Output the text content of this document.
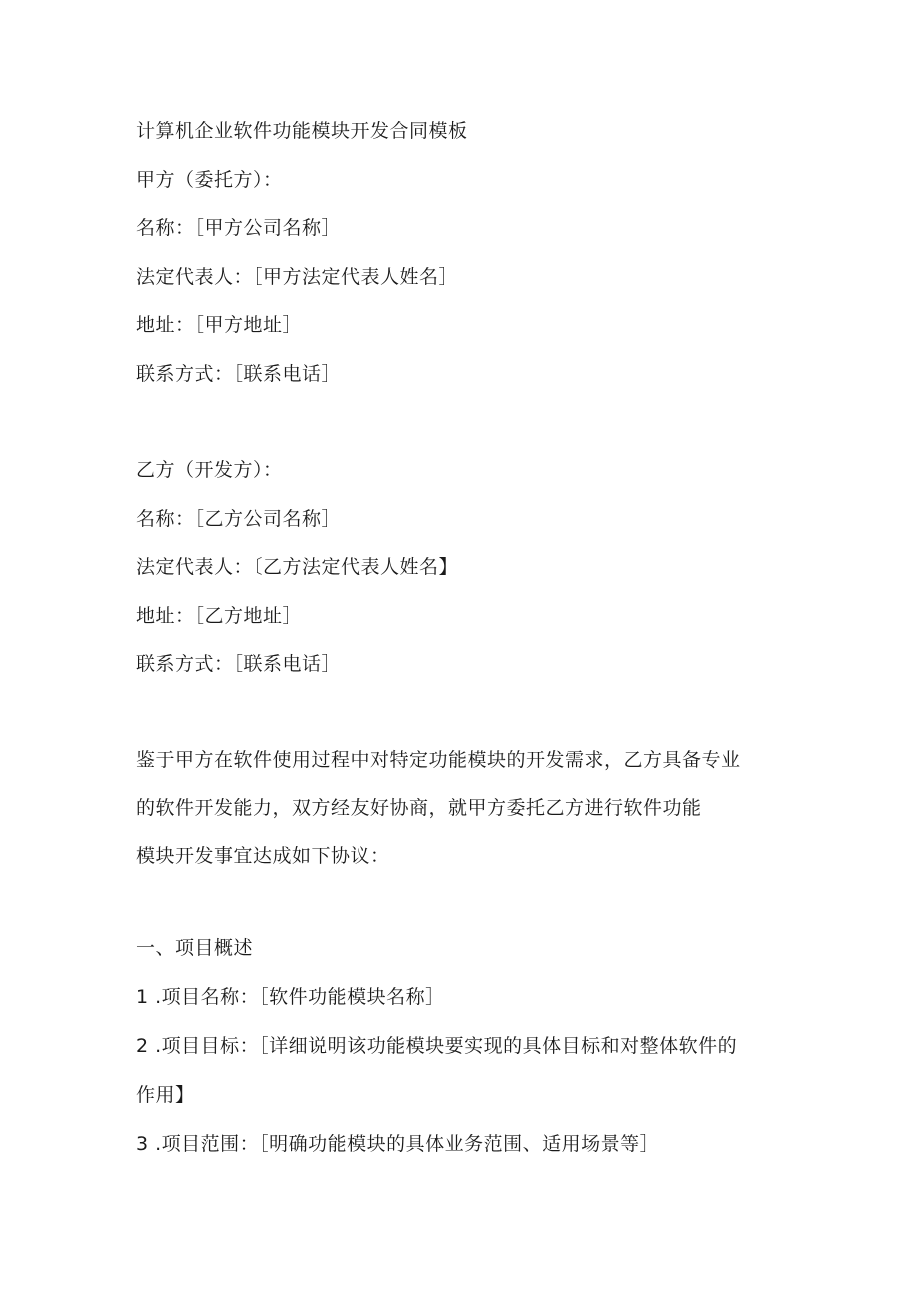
计算机企业软件功能模块开发合同模板
甲方（委托方）：
名称：［甲方公司名称］
法定代表人：［甲方法定代表人姓名］
地址：［甲方地址］
联系方式：［联系电话］
乙方（开发方）：
名称：［乙方公司名称］
法定代表人：〔乙方法定代表人姓名】
地址：［乙方地址］
联系方式：［联系电话］
鉴于甲方在软件使用过程中对特定功能模块的开发需求，乙方具备专业
的软件开发能力，双方经友好协商，就甲方委托乙方进行软件功能
模块开发事宜达成如下协议：
一、项目概述
1 .项目名称：［软件功能模块名称］
2 .项目目标：［详细说明该功能模块要实现的具体目标和对整体软件的
作用】
3 .项目范围：［明确功能模块的具体业务范围、适用场景等］
